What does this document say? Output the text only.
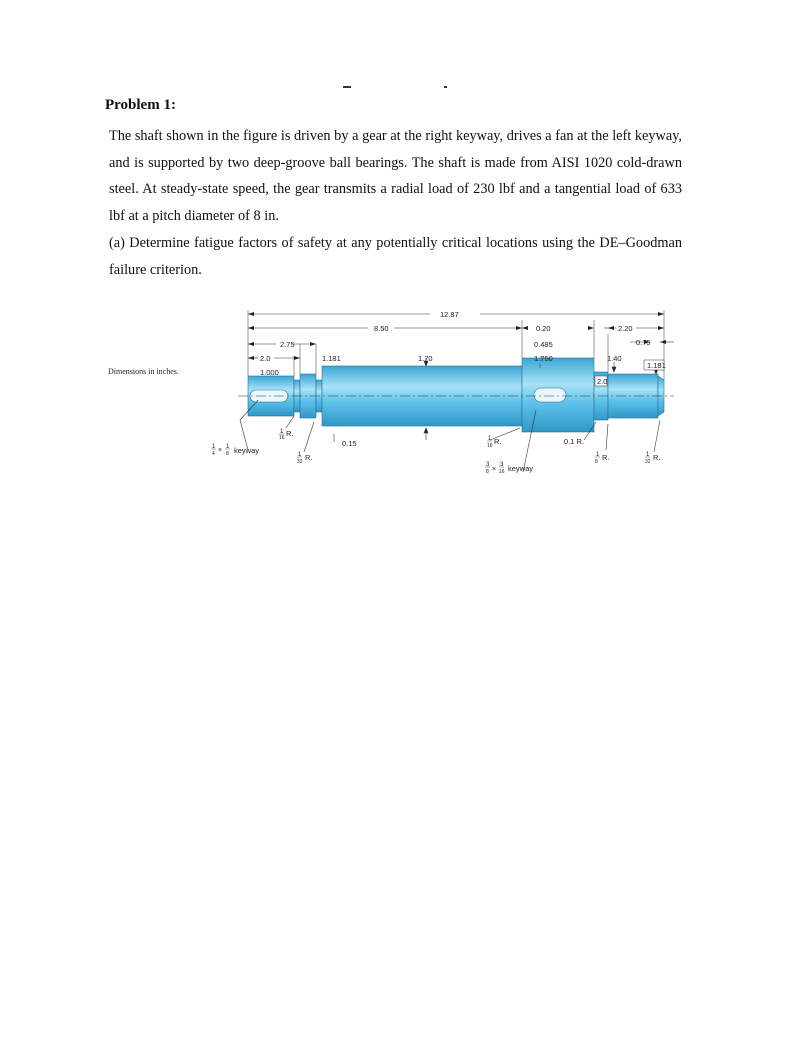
Problem 1:

The shaft shown in the figure is driven by a gear at the right keyway, drives a fan at the left keyway, and is supported by two deep-groove ball bearings. The shaft is made from AISI 1020 cold-drawn steel. At steady-state speed, the gear transmits a radial load of 230 lbf and a tangential load of 633 lbf at a pitch diameter of 8 in.

(a) Determine fatigue factors of safety at any potentially critical locations using the DE–Goodman failure criterion.

Dimensions in inches.
12.87
8.50
2.75
2.0
1.000
1.181	1.70
0.20
0.485
1.750
2.20
0.75
1.40
1.181
2.0
0.15	0.1 R.
1
16 R.
1
4 × 1
8 keyway	1
32 R.
1
16 R.
3
8 ×
3
16 keyway
1
8 R.	1
32 R.
